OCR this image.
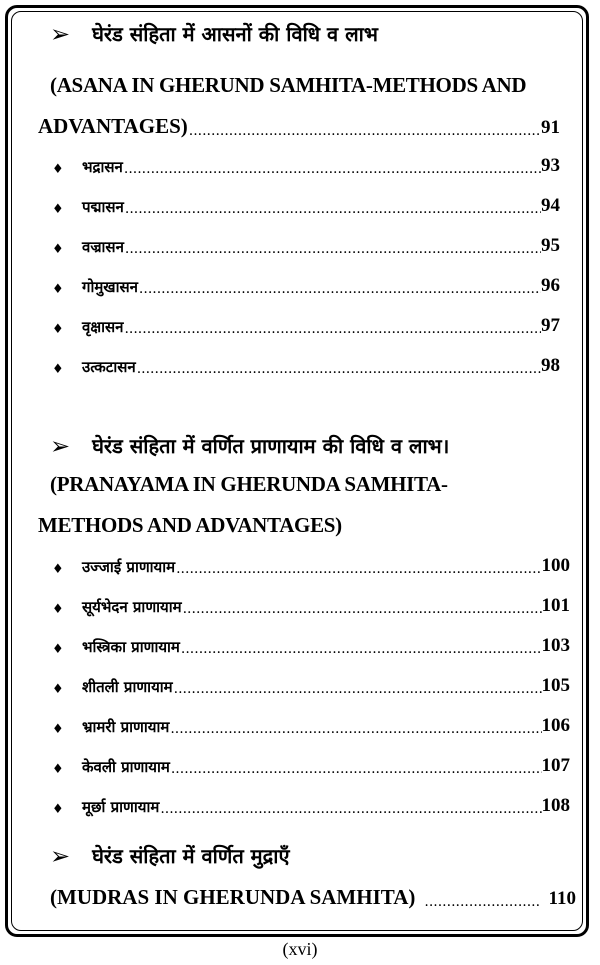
➢ घेरंड संहिता में आसनों की विधि व लाभ
(ASANA IN GHERUND SAMHITA-METHODS AND
ADVANTAGES) .....	91
♦	भद्रासन .....	93
♦	पद्मासन .....	94
♦	वज्रासन .....	95
♦	गोमुखासन .....	96
♦	वृक्षासन .....	97
♦	उत्कटासन .....	98
➢ घेरंड संहिता में वर्णित प्राणायाम की विधि व लाभ।
(PRANAYAMA IN GHERUNDA SAMHITA-
METHODS AND ADVANTAGES)
♦	उज्जाई प्राणायाम .....	100
♦	सूर्यभेदन प्राणायाम .....	101
♦	भस्त्रिका प्राणायाम .....	103
♦	शीतली प्राणायाम .....	105
♦	भ्रामरी प्राणायाम .....	106
♦	केवली प्राणायाम .....	107
♦	मूर्छा प्राणायाम .....	108
➢ घेरंड संहिता में वर्णित मुद्राएँ
(MUDRAS IN GHERUNDA SAMHITA) .....	110
(xvi)
